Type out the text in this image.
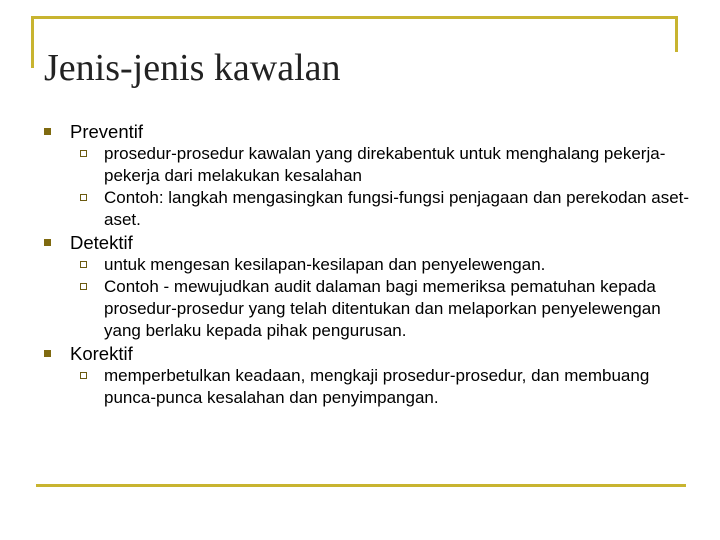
Jenis-jenis kawalan
Preventif
prosedur-prosedur kawalan yang direkabentuk untuk menghalang pekerja-pekerja dari melakukan kesalahan
Contoh: langkah mengasingkan fungsi-fungsi penjagaan dan perekodan aset-aset.
Detektif
untuk mengesan kesilapan-kesilapan dan penyelewengan.
Contoh - mewujudkan audit dalaman bagi memeriksa pematuhan kepada prosedur-prosedur yang telah ditentukan dan melaporkan penyelewengan yang berlaku kepada pihak pengurusan.
Korektif
memperbetulkan keadaan, mengkaji prosedur-prosedur, dan membuang punca-punca kesalahan dan penyimpangan.
